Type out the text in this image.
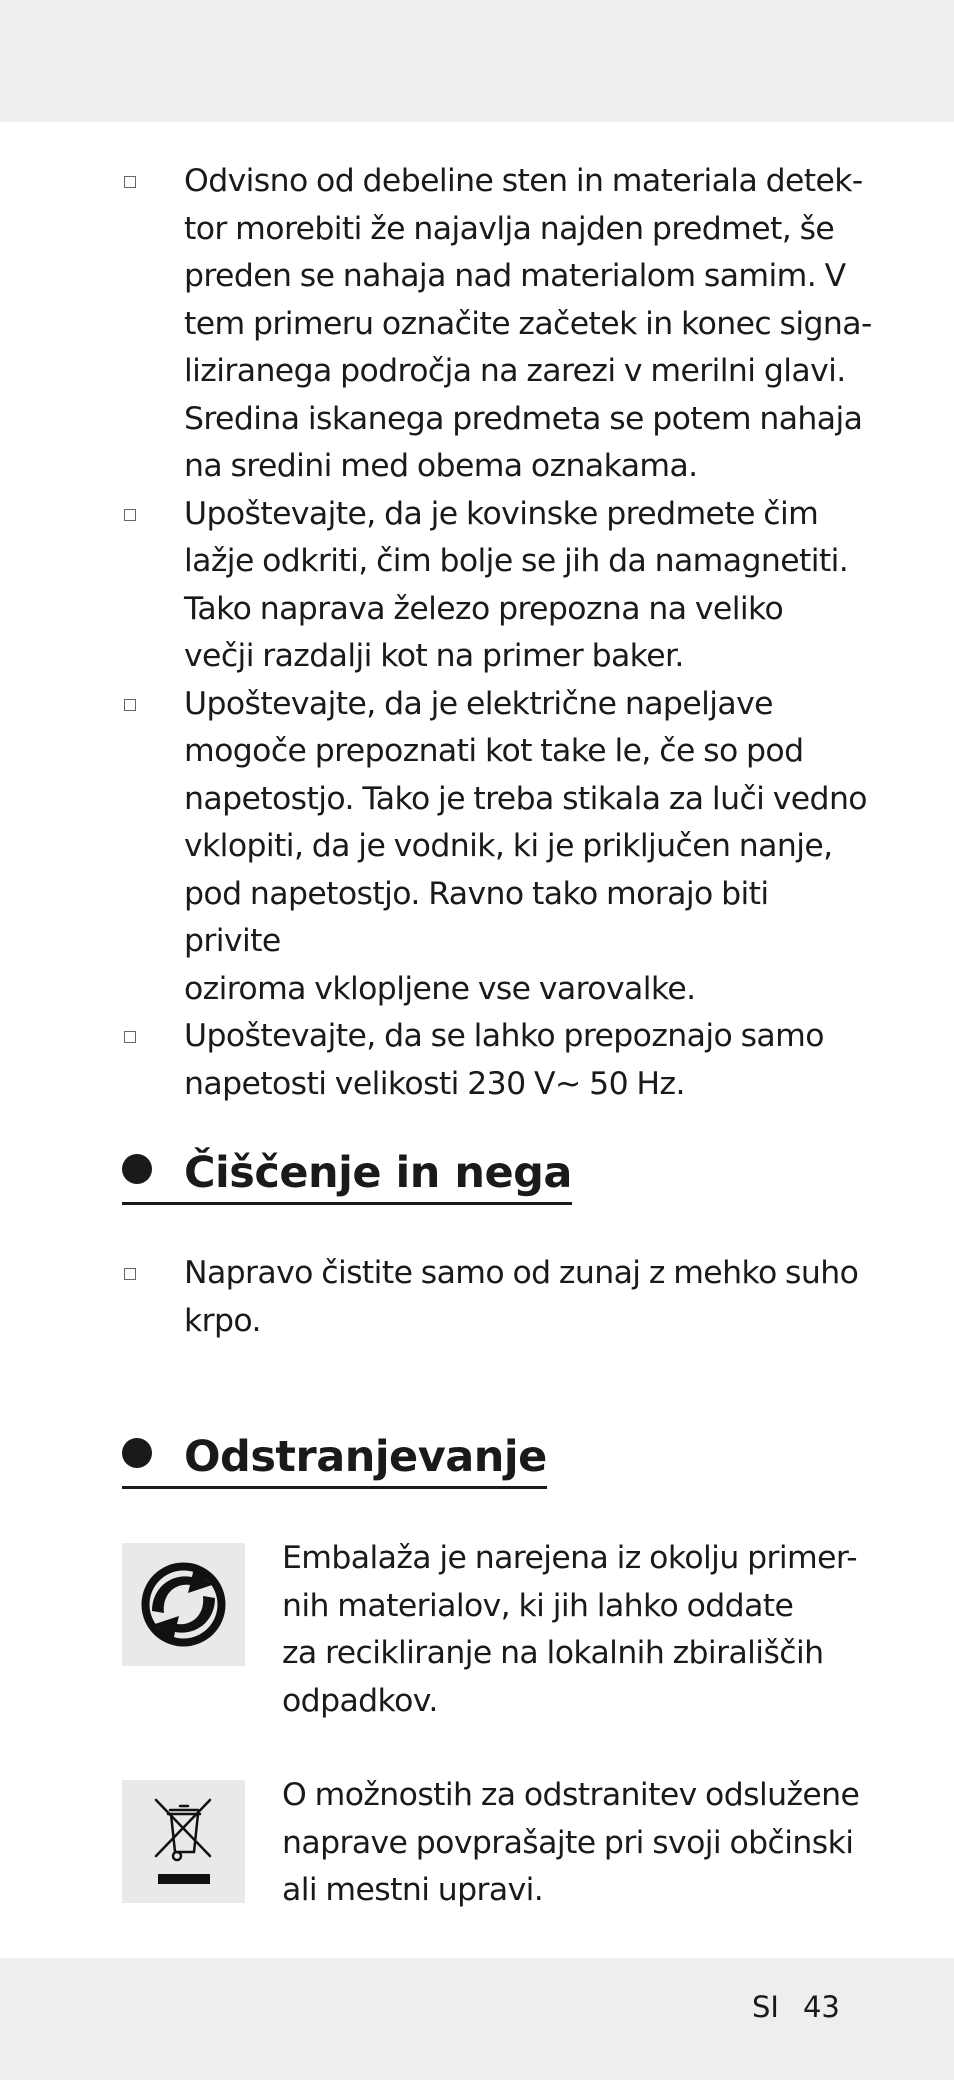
Odvisno od debeline sten in materiala detek-
tor morebiti že najavlja najden predmet, še
preden se nahaja nad materialom samim. V
tem primeru označite začetek in konec signa-
liziranega področja na zarezi v merilni glavi.
Sredina iskanega predmeta se potem nahaja
na sredini med obema oznakama.
Upoštevajte, da je kovinske predmete čim
lažje odkriti, čim bolje se jih da namagnetiti.
Tako naprava železo prepozna na veliko
večji razdalji kot na primer baker.
Upoštevajte, da je električne napeljave
mogoče prepoznati kot take le, če so pod
napetostjo. Tako je treba stikala za luči vedno
vklopiti, da je vodnik, ki je priključen nanje,
pod napetostjo. Ravno tako morajo biti privite
oziroma vklopljene vse varovalke.
Upoštevajte, da se lahko prepoznajo samo
napetosti velikosti 230 V~ 50 Hz.
Čiščenje in nega
Napravo čistite samo od zunaj z mehko suho
krpo.
Odstranjevanje
Embalaža je narejena iz okolju primer-
nih materialov, ki jih lahko oddate
za recikliranje na lokalnih zbirališčih
odpadkov.
O možnostih za odstranitev odslužene
naprave povprašajte pri svoji občinski
ali mestni upravi.
SI 43
